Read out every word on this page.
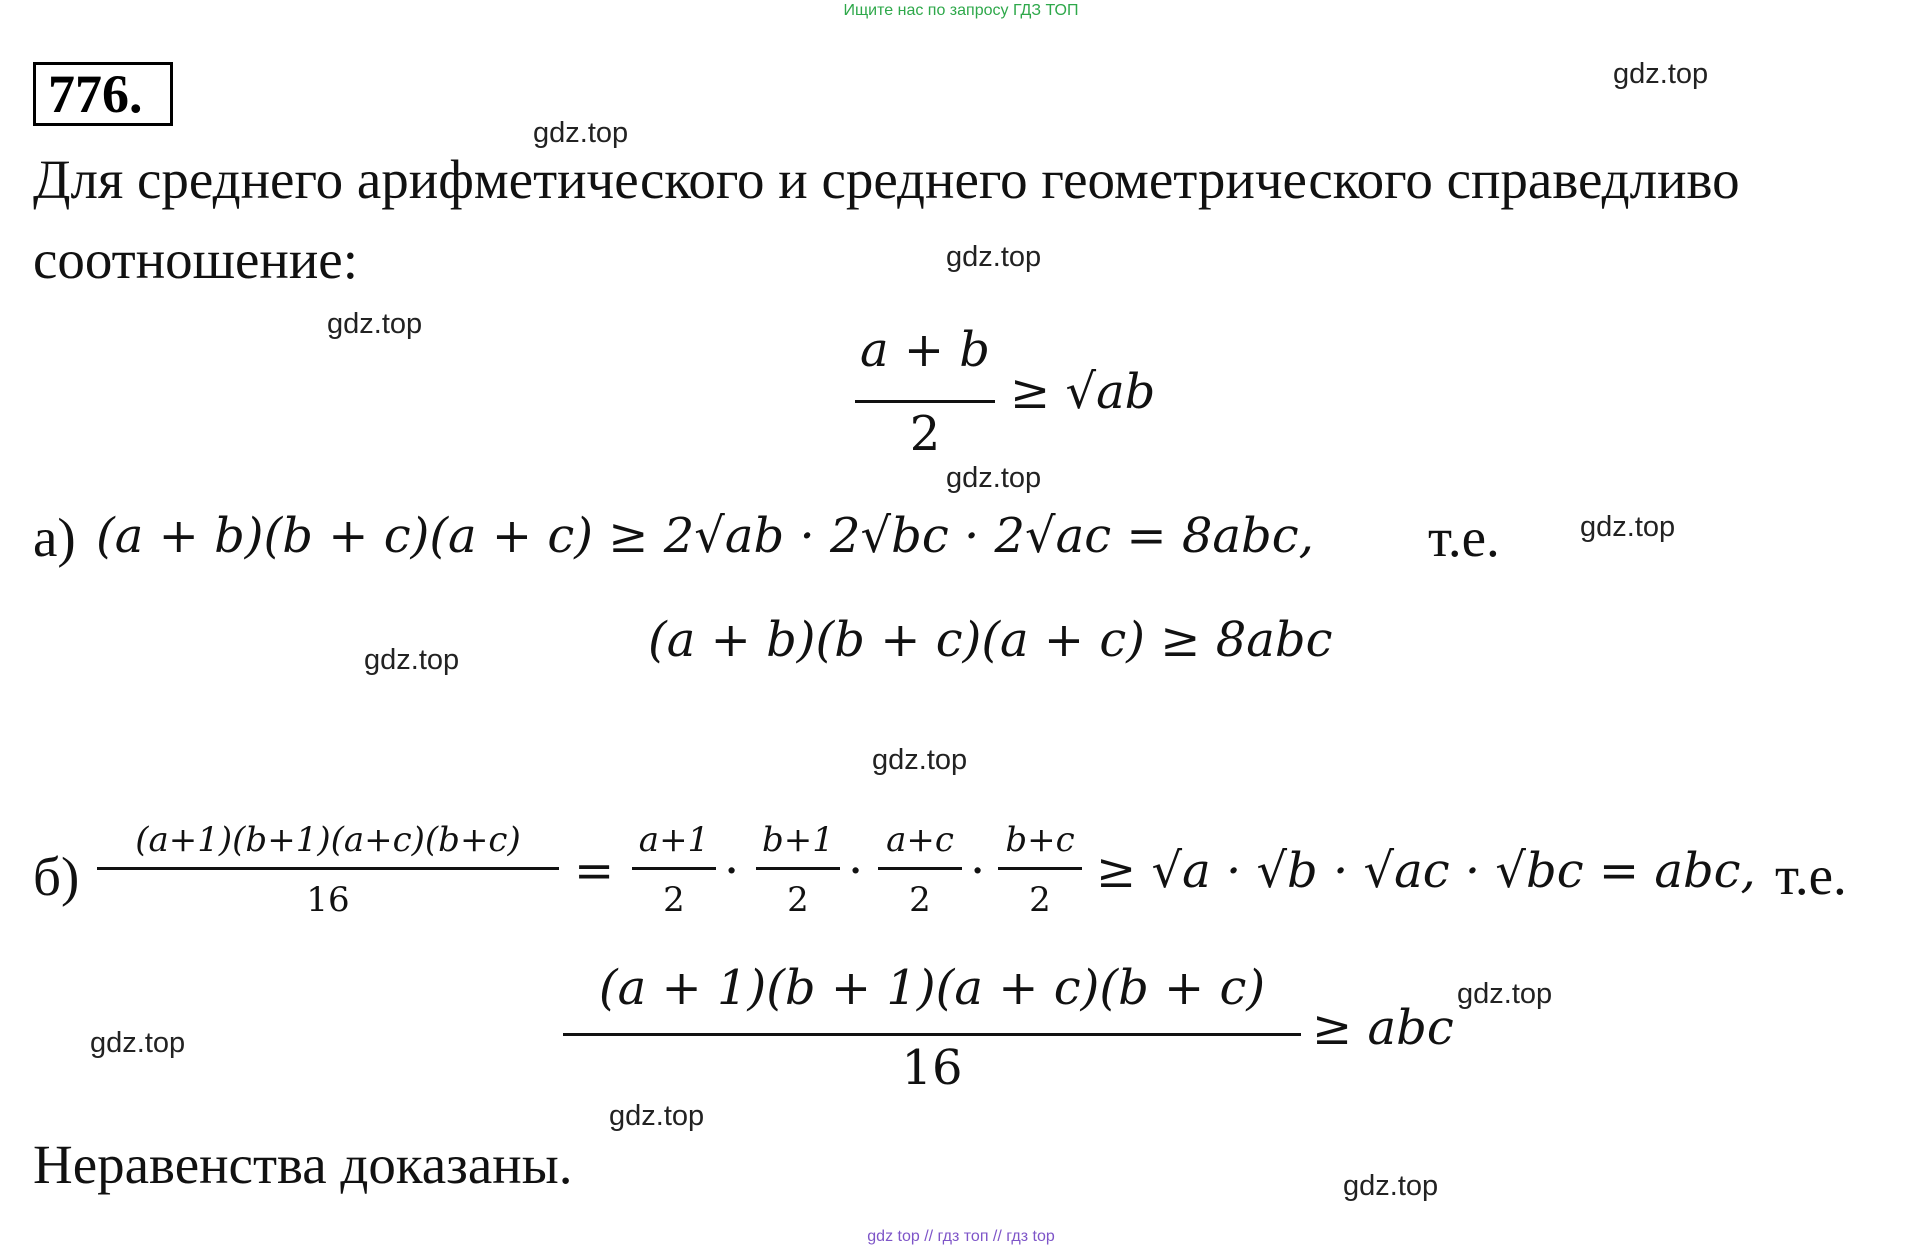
Ищите нас по запросу ГДЗ ТОП
776.	gdz.top
gdz.top
gdz.top
gdz.top
gdz.top
gdz.top
gdz.top
gdz.top
gdz.top
gdz.top
gdz.top
gdz.top
Для среднего арифметического и среднего геометрического справедливо
соотношение:
a + b
2
≥ √ab
а) (a + b)(b + c)(a + c) ≥ 2√ab · 2√bc · 2√ac = 8abc, т.е.
(a + b)(b + c)(a + c) ≥ 8abc
б)
(a+1)(b+1)(a+c)(b+c)
16
=
a+1
2
·
b+1
2
·
a+c
2
·
b+c
2
≥ √a · √b · √ac · √bc = abc, т.е.
(a + 1)(b + 1)(a + c)(b + c)
16
≥ abc
Неравенства доказаны.
gdz top // гдз топ // гдз top
